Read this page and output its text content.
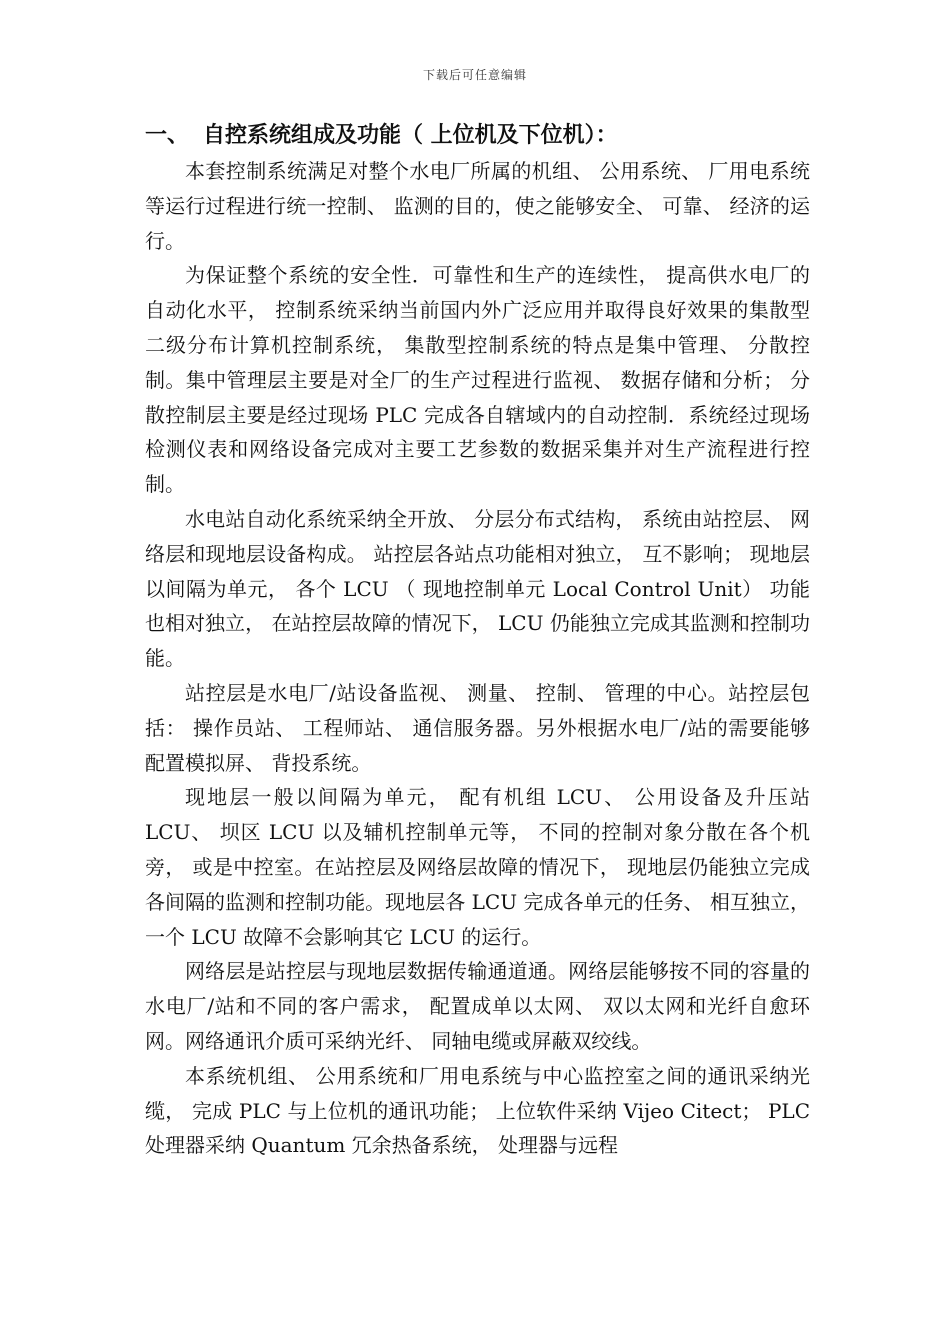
下载后可任意编辑
一、 自控系统组成及功能（ 上位机及下位机）：

本套控制系统满足对整个水电厂所属的机组、 公用系统、 厂用电系统等运行过程进行统一控制、 监测的目的，使之能够安全、 可靠、 经济的运行。

为保证整个系统的安全性．可靠性和生产的连续性， 提高供水电厂的自动化水平， 控制系统采纳当前国内外广泛应用并取得良好效果的集散型二级分布计算机控制系统， 集散型控制系统的特点是集中管理、 分散控制。集中管理层主要是对全厂的生产过程进行监视、 数据存储和分析； 分散控制层主要是经过现场 PLC 完成各自辖域内的自动控制．系统经过现场检测仪表和网络设备完成对主要工艺参数的数据采集并对生产流程进行控制。

水电站自动化系统采纳全开放、 分层分布式结构， 系统由站控层、 网络层和现地层设备构成。 站控层各站点功能相对独立， 互不影响； 现地层以间隔为单元， 各个 LCU （ 现地控制单元 Local Control Unit） 功能也相对独立， 在站控层故障的情况下， LCU 仍能独立完成其监测和控制功能。

站控层是水电厂/站设备监视、 测量、 控制、 管理的中心。站控层包括： 操作员站、 工程师站、 通信服务器。另外根据水电厂/站的需要能够配置模拟屏、 背投系统。

现地层一般以间隔为单元， 配有机组 LCU、 公用设备及升压站 LCU、 坝区 LCU 以及辅机控制单元等， 不同的控制对象分散在各个机旁， 或是中控室。在站控层及网络层故障的情况下， 现地层仍能独立完成各间隔的监测和控制功能。现地层各 LCU 完成各单元的任务、 相互独立， 一个 LCU 故障不会影响其它 LCU 的运行。

网络层是站控层与现地层数据传输通道通。网络层能够按不同的容量的水电厂/站和不同的客户需求， 配置成单以太网、 双以太网和光纤自愈环网。网络通讯介质可采纳光纤、 同轴电缆或屏蔽双绞线。

本系统机组、 公用系统和厂用电系统与中心监控室之间的通讯采纳光缆， 完成 PLC 与上位机的通讯功能； 上位软件采纳 Vijeo Citect； PLC 处理器采纳 Quantum 冗余热备系统， 处理器与远程
